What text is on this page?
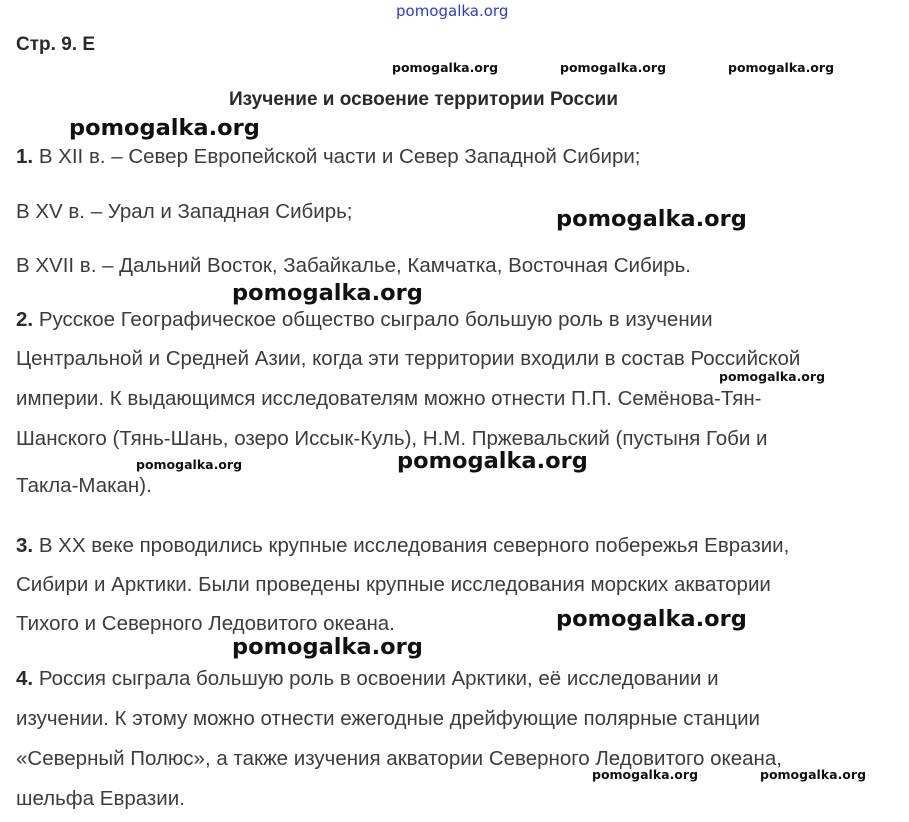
pomogalka.org
Стр. 9. E
pomogalka.org	pomogalka.org	pomogalka.org
Изучение и освоение территории России
pomogalka.org
1. В XII в. – Север Европейской части и Север Западной Сибири;
В XV в. – Урал и Западная Сибирь;	pomogalka.org
В XVII в. – Дальний Восток, Забайкалье, Камчатка, Восточная Сибирь.
pomogalka.org
2. Русское Географическое общество сыграло большую роль в изучении
Центральной и Средней Азии, когда эти территории входили в состав Российской
империи. К выдающимся исследователям можно отнести П.П. Семёнова-Тян-
pomogalka.org
Шанского (Тянь-Шань, озеро Иссык-Куль), Н.М. Пржевальский (пустыня Гоби и
pomogalka.org	pomogalka.org
Такла-Макан).
3. В XX веке проводились крупные исследования северного побережья Евразии,
Сибири и Арктики. Были проведены крупные исследования морских акватории
Тихого и Северного Ледовитого океана.	pomogalka.org
pomogalka.org
4. Россия сыграла большую роль в освоении Арктики, её исследовании и
изучении. К этому можно отнести ежегодные дрейфующие полярные станции
«Северный Полюс», а также изучения акватории Северного Ледовитого океана,
pomogalka.org	pomogalka.org
шельфа Евразии.
